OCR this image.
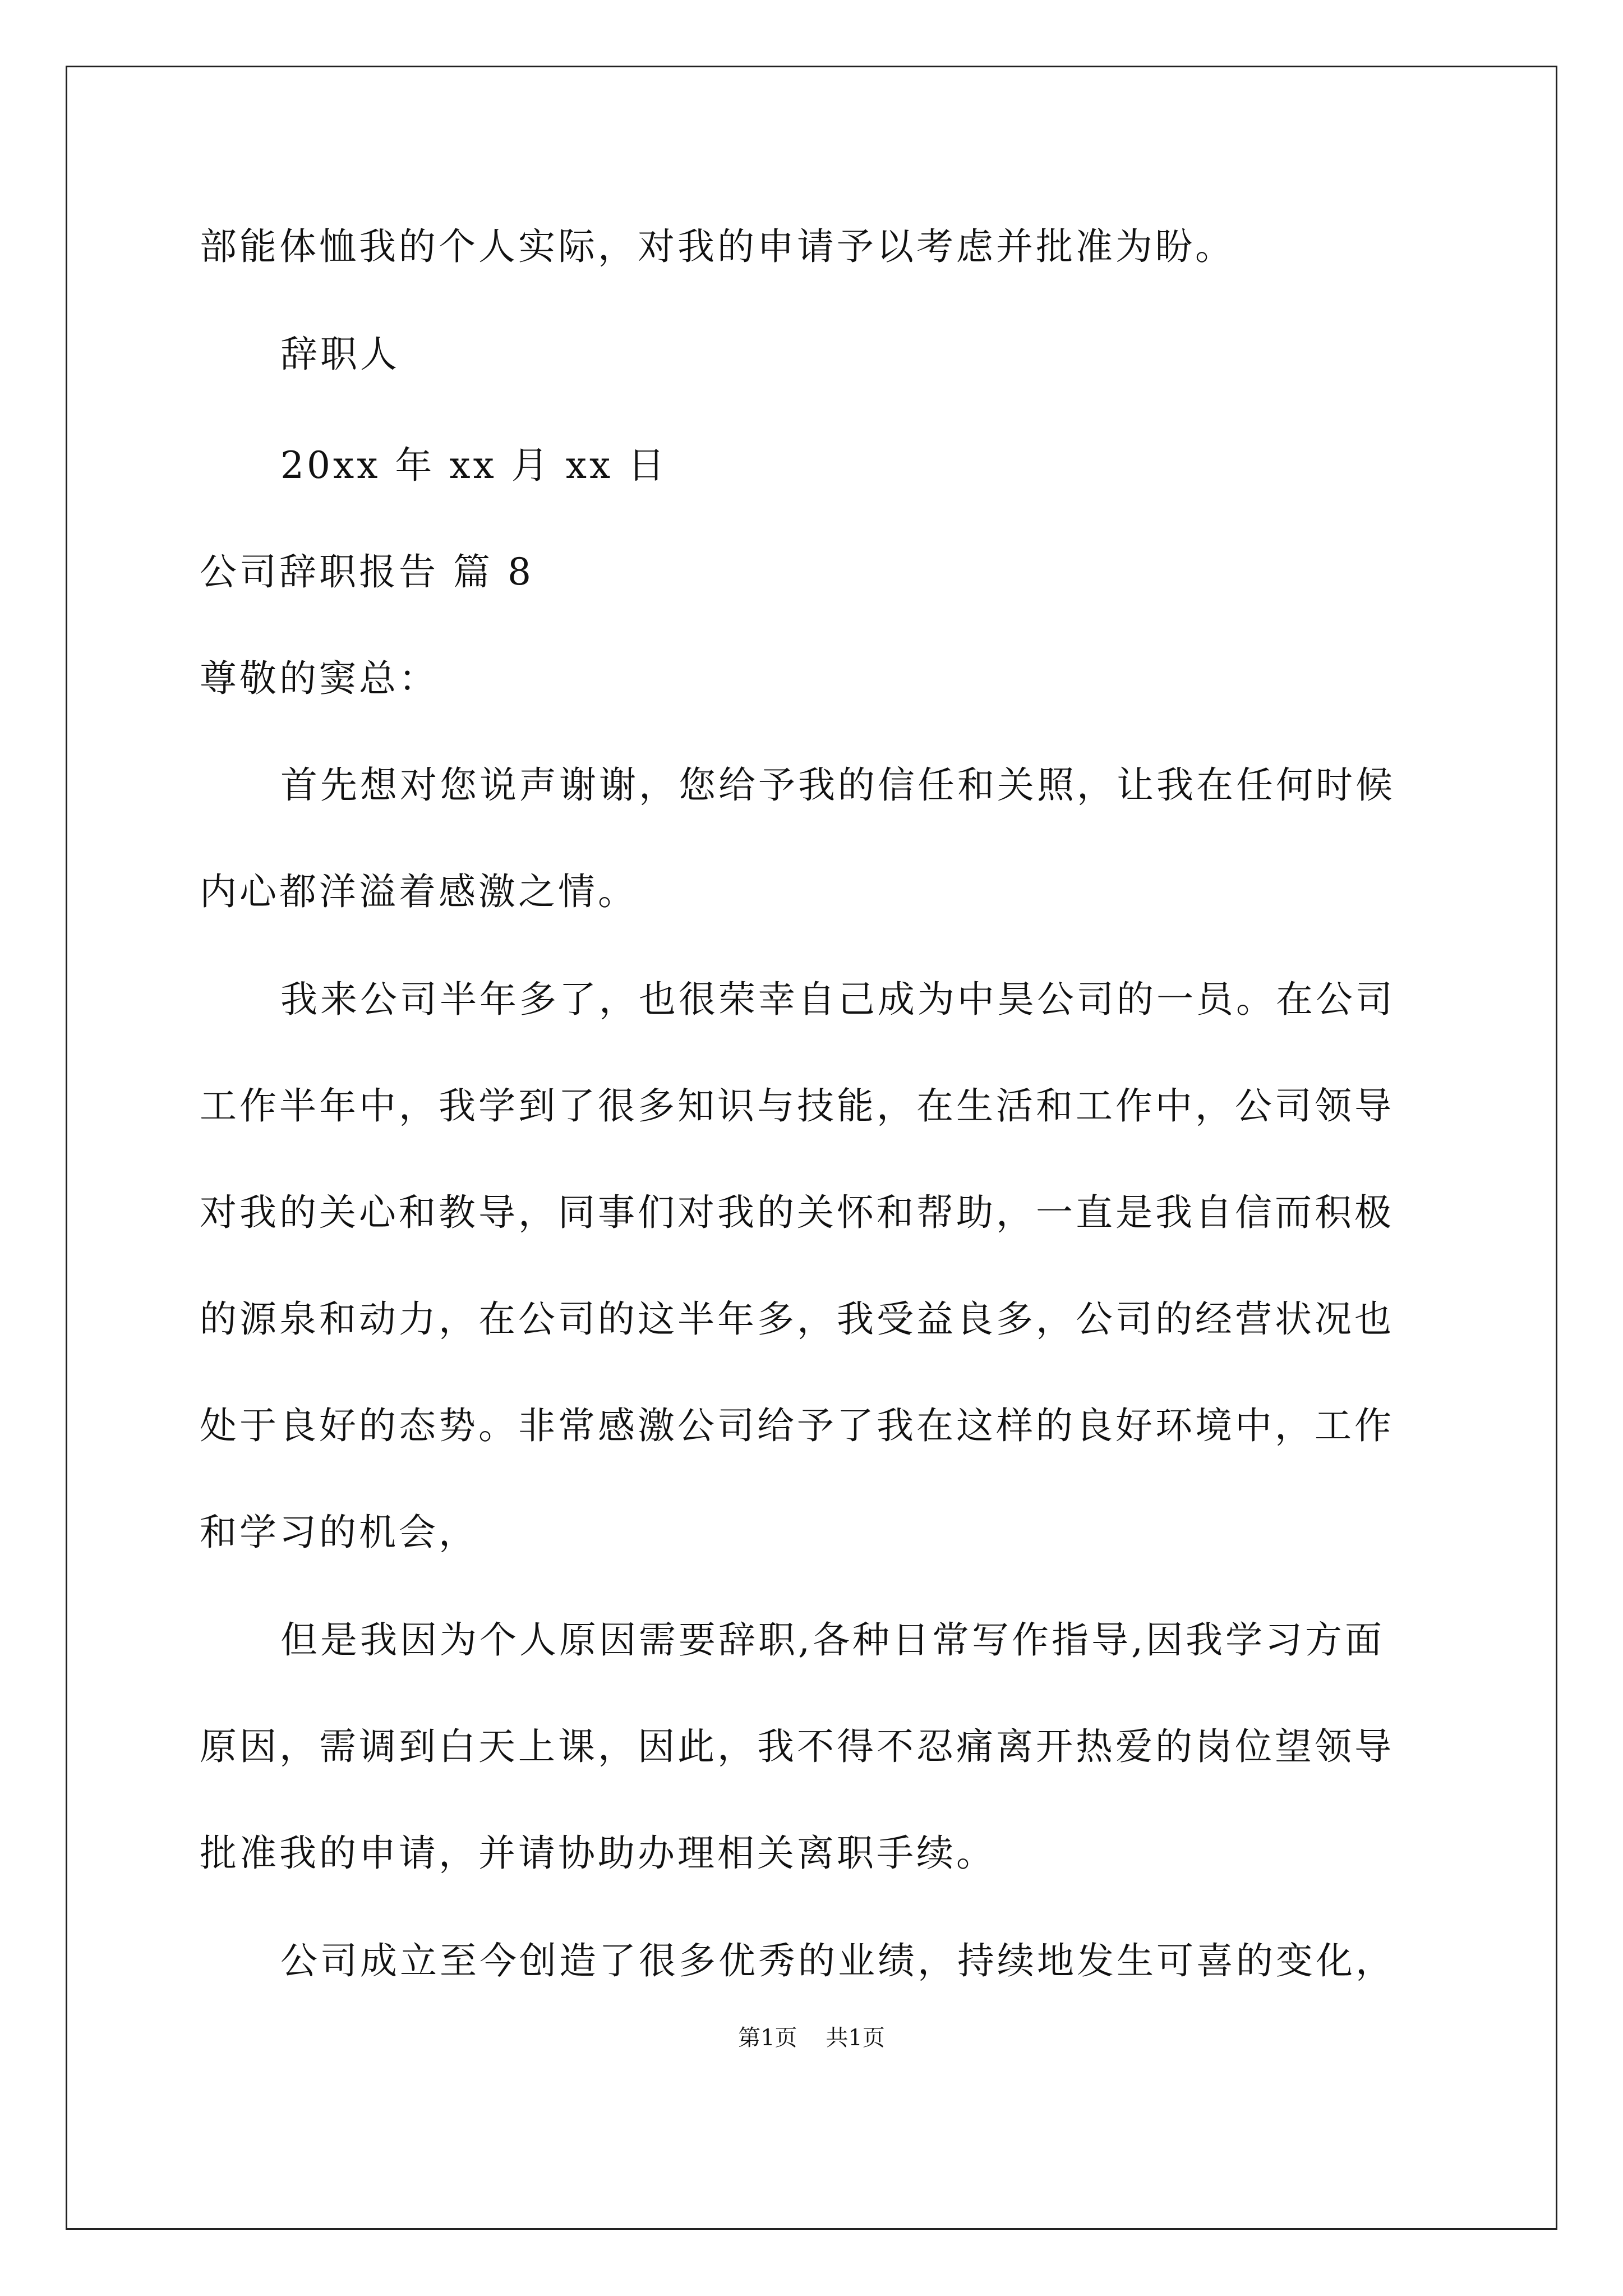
部能体恤我的个人实际，对我的申请予以考虑并批准为盼。
辞职人
20xx 年 xx 月 xx 日
公司辞职报告 篇 8
尊敬的窦总：
首先想对您说声谢谢，您给予我的信任和关照，让我在任何时候
内心都洋溢着感激之情。
我来公司半年多了，也很荣幸自己成为中昊公司的一员。在公司
工作半年中，我学到了很多知识与技能，在生活和工作中，公司领导
对我的关心和教导，同事们对我的关怀和帮助，一直是我自信而积极
的源泉和动力，在公司的这半年多，我受益良多，公司的经营状况也
处于良好的态势。非常感激公司给予了我在这样的良好环境中，工作
和学习的机会，
但是我因为个人原因需要辞职,各种日常写作指导,因我学习方面
原因，需调到白天上课，因此，我不得不忍痛离开热爱的岗位望领导
批准我的申请，并请协助办理相关离职手续。
公司成立至今创造了很多优秀的业绩，持续地发生可喜的变化，
第1页    共1页
